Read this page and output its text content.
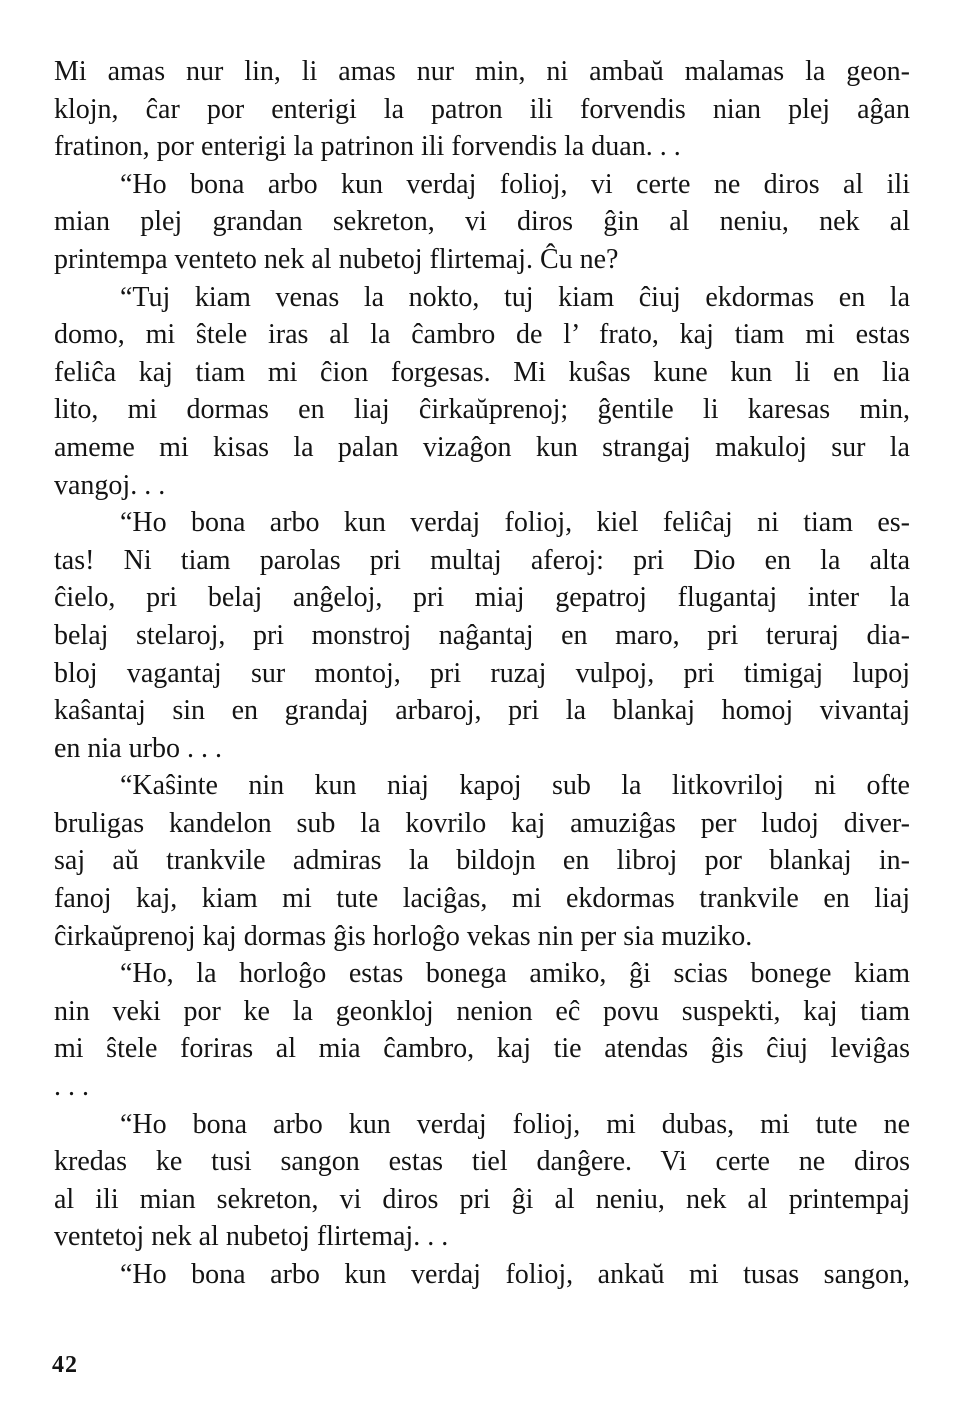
Mi amas nur lin, li amas nur min, ni ambaŭ malamas la geon-
klojn, ĉar por enterigi la patron ili forvendis nian plej aĝan
fratinon, por enterigi la patrinon ili forvendis la duan. . .
“Ho bona arbo kun verdaj folioj, vi certe ne diros al ili
mian plej grandan sekreton, vi diros ĝin al neniu, nek al
printempa venteto nek al nubetoj flirtemaj. Ĉu ne?
“Tuj kiam venas la nokto, tuj kiam ĉiuj ekdormas en la
domo, mi ŝtele iras al la ĉambro de l’ frato, kaj tiam mi estas
feliĉa kaj tiam mi ĉion forgesas. Mi kuŝas kune kun li en lia
lito, mi dormas en liaj ĉirkaŭprenoj; ĝentile li karesas min,
ameme mi kisas la palan vizaĝon kun strangaj makuloj sur la
vangoj. . .
“Ho bona arbo kun verdaj folioj, kiel feliĉaj ni tiam es-
tas! Ni tiam parolas pri multaj aferoj: pri Dio en la alta
ĉielo, pri belaj anĝeloj, pri miaj gepatroj flugantaj inter la
belaj stelaroj, pri monstroj naĝantaj en maro, pri teruraj dia-
bloj vagantaj sur montoj, pri ruzaj vulpoj, pri timigaj lupoj
kaŝantaj sin en grandaj arbaroj, pri la blankaj homoj vivantaj
en nia urbo . . .
“Kaŝinte nin kun niaj kapoj sub la litkovriloj ni ofte
bruligas kandelon sub la kovrilo kaj amuziĝas per ludoj diver-
saj aŭ trankvile admiras la bildojn en libroj por blankaj in-
fanoj kaj, kiam mi tute laciĝas, mi ekdormas trankvile en liaj
ĉirkaŭprenoj kaj dormas ĝis horloĝo vekas nin per sia muziko.
“Ho, la horloĝo estas bonega amiko, ĝi scias bonege kiam
nin veki por ke la geonkloj nenion eĉ povu suspekti, kaj tiam
mi ŝtele foriras al mia ĉambro, kaj tie atendas ĝis ĉiuj leviĝas
. . .
“Ho bona arbo kun verdaj folioj, mi dubas, mi tute ne
kredas ke tusi sangon estas tiel danĝere. Vi certe ne diros
al ili mian sekreton, vi diros pri ĝi al neniu, nek al printempaj
ventetoj nek al nubetoj flirtemaj. . .
“Ho bona arbo kun verdaj folioj, ankaŭ mi tusas sangon,
42
